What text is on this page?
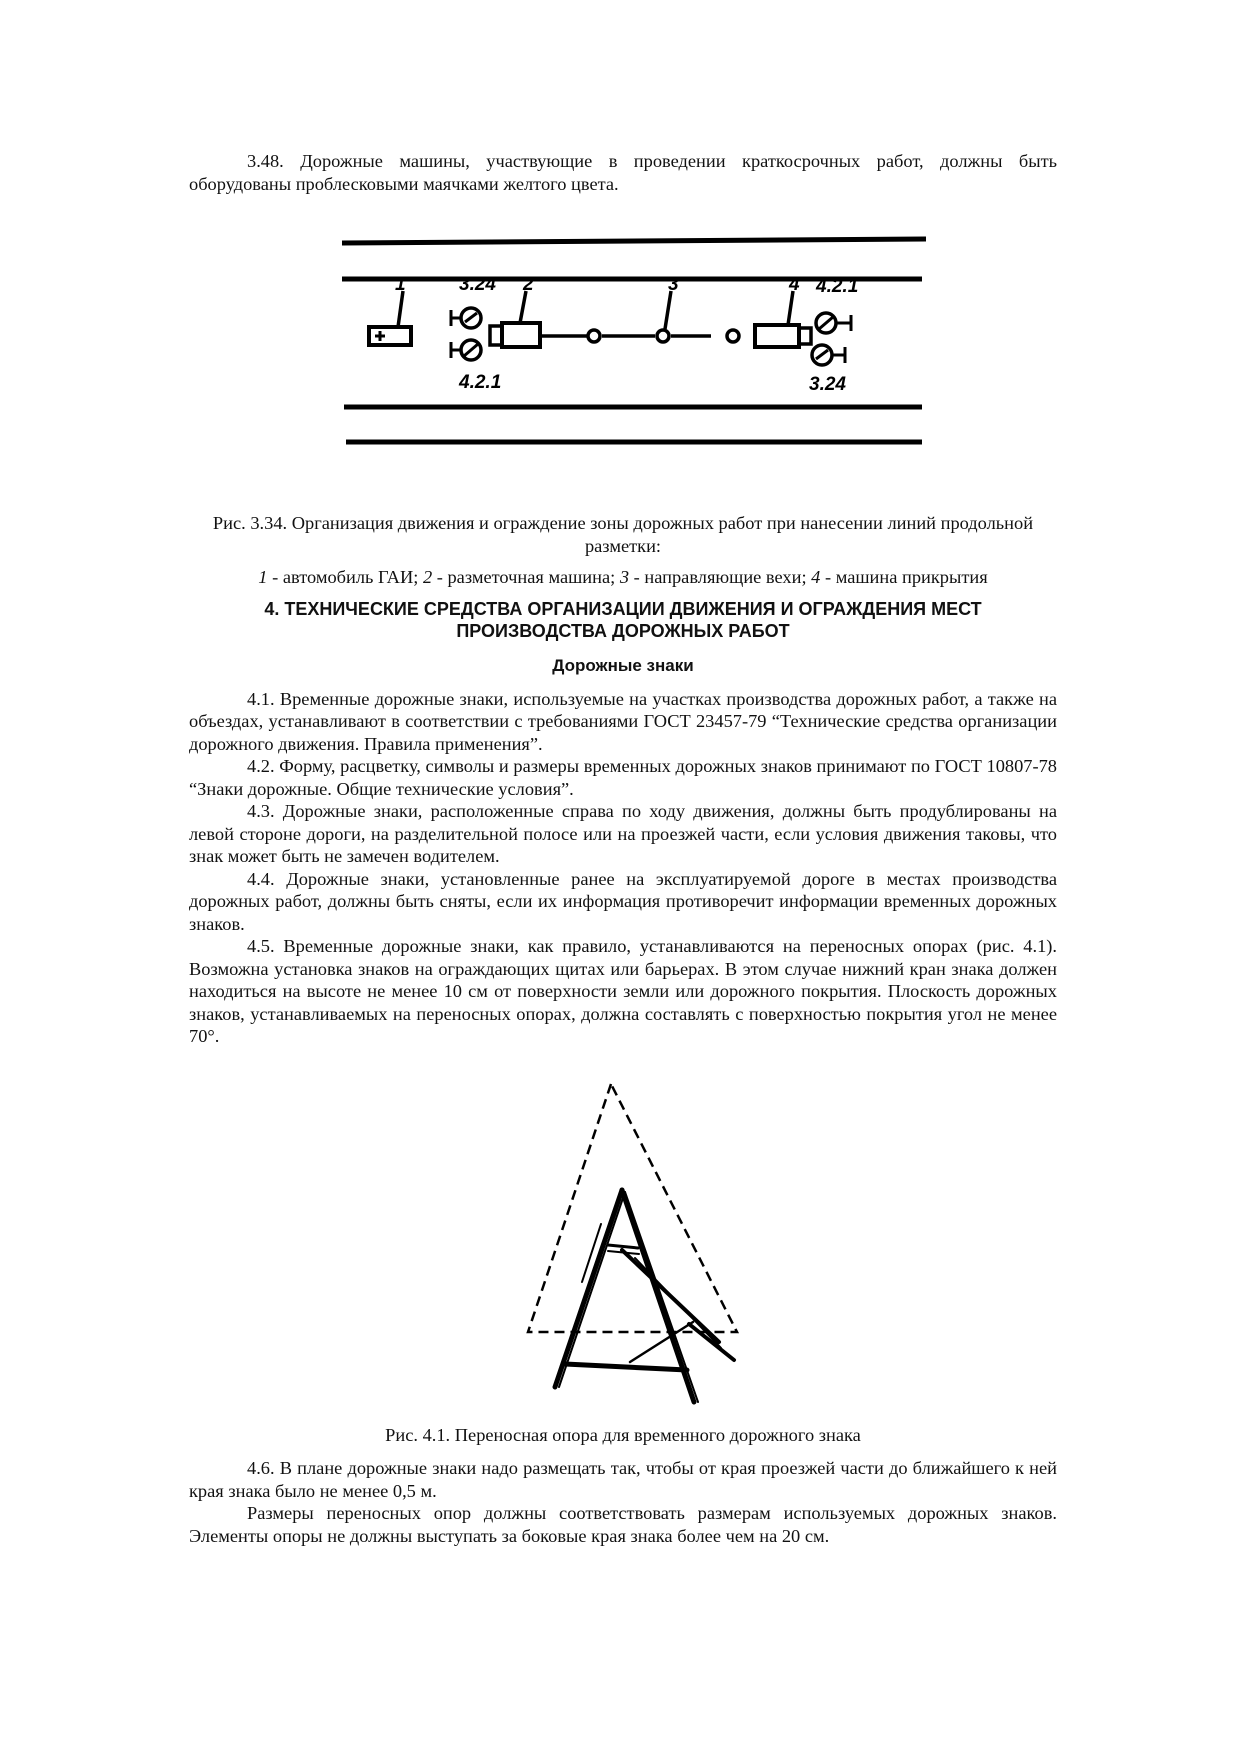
3.48. Дорожные машины, участвующие в проведении краткосрочных работ, должны быть оборудованы проблесковыми маячками желтого цвета.

1	3.24 2	3	4 4.2.1
4.2.1	3.24

Рис. 3.34. Организация движения и ограждение зоны дорожных работ при нанесении линий продольной разметки:

1 - автомобиль ГАИ; 2 - разметочная машина; 3 - направляющие вехи; 4 - машина прикрытия

4. ТЕХНИЧЕСКИЕ СРЕДСТВА ОРГАНИЗАЦИИ ДВИЖЕНИЯ И ОГРАЖДЕНИЯ МЕСТ ПРОИЗВОДСТВА ДОРОЖНЫХ РАБОТ
Дорожные знаки

4.1. Временные дорожные знаки, используемые на участках производства дорожных работ, а также на объездах, устанавливают в соответствии с требованиями ГОСТ 23457-79 “Технические средства организации дорожного движения. Правила применения”.

4.2. Форму, расцветку, символы и размеры временных дорожных знаков принимают по ГОСТ 10807-78 “Знаки дорожные. Общие технические условия”.

4.3. Дорожные знаки, расположенные справа по ходу движения, должны быть продублированы на левой стороне дороги, на разделительной полосе или на проезжей части, если условия движения таковы, что знак может быть не замечен водителем.

4.4. Дорожные знаки, установленные ранее на эксплуатируемой дороге в местах производства дорожных работ, должны быть сняты, если их информация противоречит информации временных дорожных знаков.

4.5. Временные дорожные знаки, как правило, устанавливаются на переносных опорах (рис. 4.1). Возможна установка знаков на ограждающих щитах или барьерах. В этом случае нижний кран знака должен находиться на высоте не менее 10 см от поверхности земли или дорожного покрытия. Плоскость дорожных знаков, устанавливаемых на переносных опорах, должна составлять с поверхностью покрытия угол не менее 70°.

Рис. 4.1. Переносная опора для временного дорожного знака

4.6. В плане дорожные знаки надо размещать так, чтобы от края проезжей части до ближайшего к ней края знака было не менее 0,5 м.

Размеры переносных опор должны соответствовать размерам используемых дорожных знаков. Элементы опоры не должны выступать за боковые края знака более чем на 20 см.
